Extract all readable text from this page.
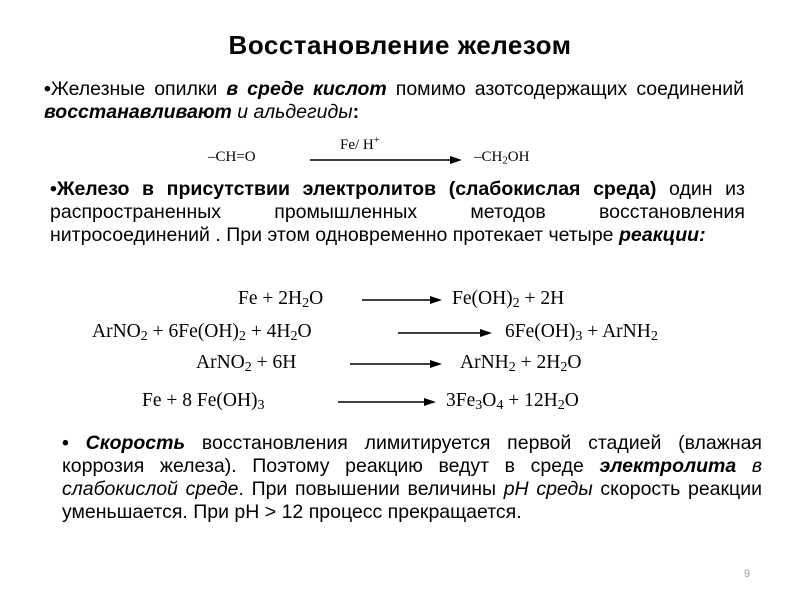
Восстановление железом
•Железные опилки в среде кислот помимо азотсодержащих соединений восстанавливают и альдегиды:
–CH=O
Fe/ H+
$-CH_2OH$
•Железо в присутствии электролитов (слабокислая среда) один из распространенных промышленных методов восстановления нитросоединений . При этом одновременно протекает четыре реакции:
$Fe + 2H_2O$	$Fe(OH)_2 + 2H$
ArNO$_2$ + $6Fe(OH)_2 + 4H_2O$	$6Fe(OH)_3$ + ArNH$_2$
ArNO$_2$ + 6H	ArNH$_2$ + $2H_2O$
Fe + 8 $Fe(OH)_3$	$3Fe_3O_4 + 12H_2O$
• Скорость восстановления лимитируется первой стадией (влажная коррозия железа). Поэтому реакцию ведут в среде электролита в слабокислой среде. При повышении величины pH среды скорость реакции уменьшается. При pH > 12 процесс прекращается.
9
